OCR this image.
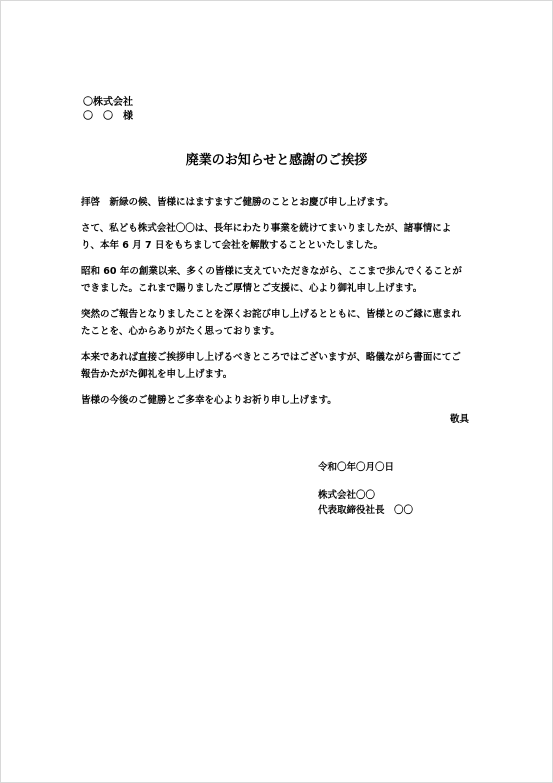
〇株式会社
〇　〇　様
廃業のお知らせと感謝のご挨拶

拝啓　新緑の候、皆様にはますますご健勝のこととお慶び申し上げます。

さて、私ども株式会社〇〇は、長年にわたり事業を続けてまいりましたが、諸事情により、本年 6 月 7 日をもちまして会社を解散することといたしました。

昭和 60 年の創業以来、多くの皆様に支えていただきながら、ここまで歩んでくることができました。これまで賜りましたご厚情とご支援に、心より御礼申し上げます。

突然のご報告となりましたことを深くお詫び申し上げるとともに、皆様とのご縁に恵まれたことを、心からありがたく思っております。

本来であれば直接ご挨拶申し上げるべきところではございますが、略儀ながら書面にてご報告かたがた御礼を申し上げます。

皆様の今後のご健勝とご多幸を心よりお祈り申し上げます。

敬具
令和〇年〇月〇日
株式会社〇〇
代表取締役社長　〇〇
